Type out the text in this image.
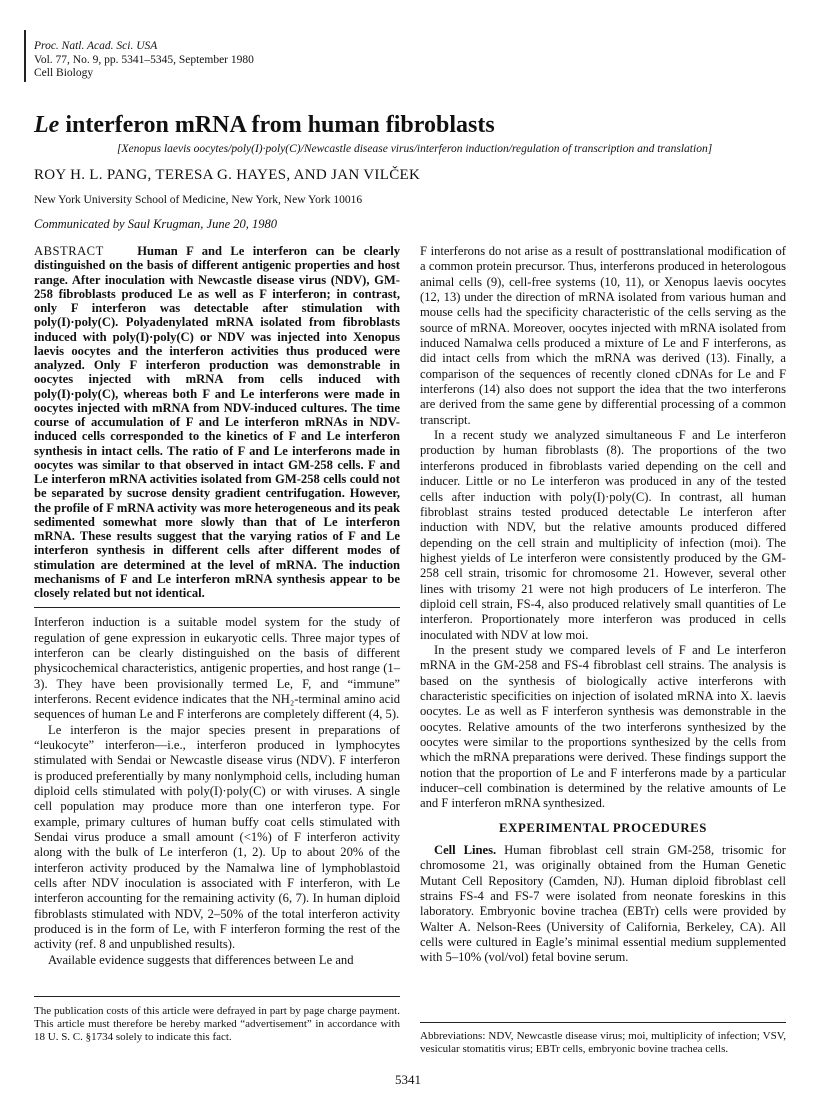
Proc. Natl. Acad. Sci. USA
Vol. 77, No. 9, pp. 5341–5345, September 1980
Cell Biology
Le interferon mRNA from human fibroblasts
[Xenopus laevis oocytes/poly(I)·poly(C)/Newcastle disease virus/interferon induction/regulation of transcription and translation]
ROY H. L. PANG, TERESA G. HAYES, AND JAN VILČEK
New York University School of Medicine, New York, New York 10016
Communicated by Saul Krugman, June 20, 1980
ABSTRACT	Human F and Le interferon can be clearly distinguished on the basis of different antigenic properties and host range. After inoculation with Newcastle disease virus (NDV), GM-258 fibroblasts produced Le as well as F interferon; in contrast, only F interferon was detectable after stimulation with poly(I)·poly(C). Polyadenylated mRNA isolated from fibroblasts induced with poly(I)·poly(C) or NDV was injected into Xenopus laevis oocytes and the interferon activities thus produced were analyzed. Only F interferon production was demonstrable in oocytes injected with mRNA from cells induced with poly(I)·poly(C), whereas both F and Le interferons were made in oocytes injected with mRNA from NDV-induced cultures. The time course of accumulation of F and Le interferon mRNAs in NDV-induced cells corresponded to the kinetics of F and Le interferon synthesis in intact cells. The ratio of F and Le interferons made in oocytes was similar to that observed in intact GM-258 cells. F and Le interferon mRNA activities isolated from GM-258 cells could not be separated by sucrose density gradient centrifugation. However, the profile of F mRNA activity was more heterogeneous and its peak sedimented somewhat more slowly than that of Le interferon mRNA. These results suggest that the varying ratios of F and Le interferon synthesis in different cells after different modes of stimulation are determined at the level of mRNA. The induction mechanisms of F and Le interferon mRNA synthesis appear to be closely related but not identical.

Interferon induction is a suitable model system for the study of regulation of gene expression in eukaryotic cells. Three major types of interferon can be clearly distinguished on the basis of different physicochemical characteristics, antigenic properties, and host range (1–3). They have been provisionally termed Le, F, and “immune” interferons. Recent evidence indicates that the NH₂-terminal amino acid sequences of human Le and F interferons are completely different (4, 5).

Le interferon is the major species present in preparations of “leukocyte” interferon—i.e., interferon produced in lymphocytes stimulated with Sendai or Newcastle disease virus (NDV). F interferon is produced preferentially by many nonlymphoid cells, including human diploid cells stimulated with poly(I)·poly(C) or with viruses. A single cell population may produce more than one interferon type. For example, primary cultures of human buffy coat cells stimulated with Sendai virus produce a small amount (<1%) of F interferon activity along with the bulk of Le interferon (1, 2). Up to about 20% of the interferon activity produced by the Namalwa line of lymphoblastoid cells after NDV inoculation is associated with F interferon, with Le interferon accounting for the remaining activity (6, 7). In human diploid fibroblasts stimulated with NDV, 2–50% of the total interferon activity produced is in the form of Le, with F interferon forming the rest of the activity (ref. 8 and unpublished results).

Available evidence suggests that differences between Le and

F interferons do not arise as a result of posttranslational modification of a common protein precursor. Thus, interferons produced in heterologous animal cells (9), cell-free systems (10, 11), or Xenopus laevis oocytes (12, 13) under the direction of mRNA isolated from various human and mouse cells had the specificity characteristic of the cells serving as the source of mRNA. Moreover, oocytes injected with mRNA isolated from induced Namalwa cells produced a mixture of Le and F interferons, as did intact cells from which the mRNA was derived (13). Finally, a comparison of the sequences of recently cloned cDNAs for Le and F interferons (14) also does not support the idea that the two interferons are derived from the same gene by differential processing of a common transcript.

In a recent study we analyzed simultaneous F and Le interferon production by human fibroblasts (8). The proportions of the two interferons produced in fibroblasts varied depending on the cell and inducer. Little or no Le interferon was produced in any of the tested cells after induction with poly(I)·poly(C). In contrast, all human fibroblast strains tested produced detectable Le interferon after induction with NDV, but the relative amounts produced differed depending on the cell strain and multiplicity of infection (moi). The highest yields of Le interferon were consistently produced by the GM-258 cell strain, trisomic for chromosome 21. However, several other lines with trisomy 21 were not high producers of Le interferon. The diploid cell strain, FS-4, also produced relatively small quantities of Le interferon. Proportionately more interferon was produced in cells inoculated with NDV at low moi.

In the present study we compared levels of F and Le interferon mRNA in the GM-258 and FS-4 fibroblast cell strains. The analysis is based on the synthesis of biologically active interferons with characteristic specificities on injection of isolated mRNA into X. laevis oocytes. Le as well as F interferon synthesis was demonstrable in the oocytes. Relative amounts of the two interferons synthesized by the oocytes were similar to the proportions synthesized by the cells from which the mRNA preparations were derived. These findings support the notion that the proportion of Le and F interferons made by a particular inducer–cell combination is determined by the relative amounts of Le and F interferon mRNA synthesized.

EXPERIMENTAL PROCEDURES

Cell Lines. Human fibroblast cell strain GM-258, trisomic for chromosome 21, was originally obtained from the Human Genetic Mutant Cell Repository (Camden, NJ). Human diploid fibroblast cell strains FS-4 and FS-7 were isolated from neonate foreskins in this laboratory. Embryonic bovine trachea (EBTr) cells were provided by Walter A. Nelson-Rees (University of California, Berkeley, CA). All cells were cultured in Eagle’s minimal essential medium supplemented with 5–10% (vol/vol) fetal bovine serum.

The publication costs of this article were defrayed in part by page charge payment. This article must therefore be hereby marked “advertisement” in accordance with 18 U. S. C. §1734 solely to indicate this fact.	Abbreviations: NDV, Newcastle disease virus; moi, multiplicity of infection; VSV, vesicular stomatitis virus; EBTr cells, embryonic bovine trachea cells.
5341
